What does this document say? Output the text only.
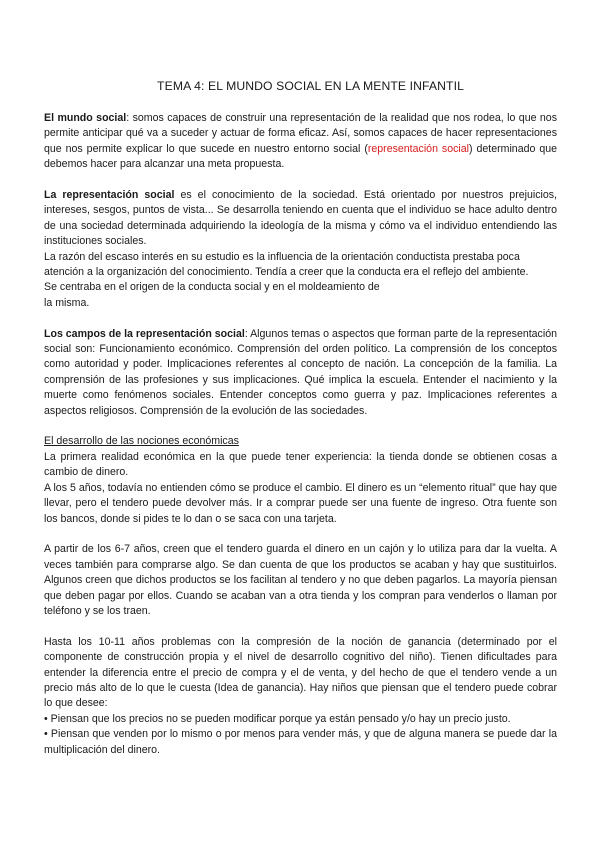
TEMA 4: EL MUNDO SOCIAL EN LA MENTE INFANTIL

El mundo social: somos capaces de construir una representación de la realidad que nos rodea, lo que nos permite anticipar qué va a suceder y actuar de forma eficaz. Así, somos capaces de hacer representaciones que nos permite explicar lo que sucede en nuestro entorno social (representación social) determinado que debemos hacer para alcanzar una meta propuesta.

La representación social es el conocimiento de la sociedad. Está orientado por nuestros prejuicios, intereses, sesgos, puntos de vista... Se desarrolla teniendo en cuenta que el individuo se hace adulto dentro de una sociedad determinada adquiriendo la ideología de la misma y cómo va el individuo entendiendo las instituciones sociales.

La razón del escaso interés en su estudio es la influencia de la orientación conductista prestaba poca atención a la organización del conocimiento. Tendía a creer que la conducta era el reflejo del ambiente.

Se centraba en el origen de la conducta social y en el moldeamiento de

la misma.

Los campos de la representación social: Algunos temas o aspectos que forman parte de la representación social son: Funcionamiento económico. Comprensión del orden político. La comprensión de los conceptos como autoridad y poder. Implicaciones referentes al concepto de nación. La concepción de la familia. La comprensión de las profesiones y sus implicaciones. Qué implica la escuela. Entender el nacimiento y la muerte como fenómenos sociales. Entender conceptos como guerra y paz. Implicaciones referentes a aspectos religiosos. Comprensión de la evolución de las sociedades.

El desarrollo de las nociones económicas

La primera realidad económica en la que puede tener experiencia: la tienda donde se obtienen cosas a cambio de dinero.

A los 5 años, todavía no entienden cómo se produce el cambio. El dinero es un “elemento ritual” que hay que llevar, pero el tendero puede devolver más. Ir a comprar puede ser una fuente de ingreso. Otra fuente son los bancos, donde si pides te lo dan o se saca con una tarjeta.

A partir de los 6-7 años, creen que el tendero guarda el dinero en un cajón y lo utiliza para dar la vuelta. A veces también para comprarse algo. Se dan cuenta de que los productos se acaban y hay que sustituirlos. Algunos creen que dichos productos se los facilitan al tendero y no que deben pagarlos. La mayoría piensan que deben pagar por ellos. Cuando se acaban van a otra tienda y los compran para venderlos o llaman por teléfono y se los traen.

Hasta los 10-11 años problemas con la compresión de la noción de ganancia (determinado por el componente de construcción propia y el nivel de desarrollo cognitivo del niño). Tienen dificultades para entender la diferencia entre el precio de compra y el de venta, y del hecho de que el tendero vende a un precio más alto de lo que le cuesta (Idea de ganancia). Hay niños que piensan que el tendero puede cobrar lo que desee:

• Piensan que los precios no se pueden modificar porque ya están pensado y/o hay un precio justo.

• Piensan que venden por lo mismo o por menos para vender más, y que de alguna manera se puede dar la multiplicación del dinero.
